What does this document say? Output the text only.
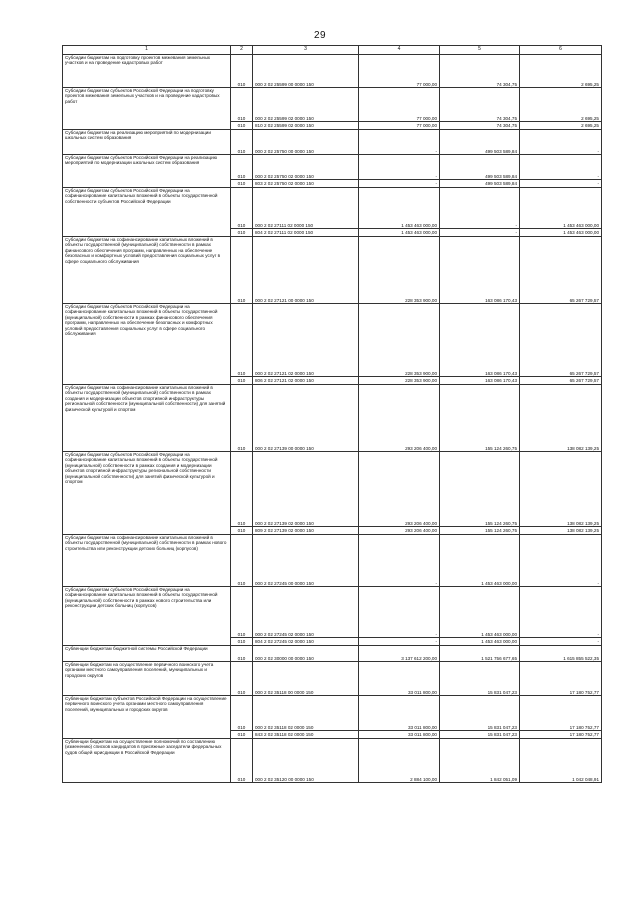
29
1	2	3	4	5	6
Субсидии бюджетам на подготовку проектов межевания земельных участков и на проведение кадастровых работ	010	000 2 02 25599 00 0000 150	77 000,00	74 304,75	2 695,25
Субсидии бюджетам субъектов Российской Федерации на подготовку проектов межевания земельных участков и на проведение кадастровых работ	010	000 2 02 25599 02 0000 150	77 000,00	74 304,75	2 695,25
	010	810 2 02 25599 02 0000 150	77 000,00	74 304,75	2 695,25
Субсидии бюджетам на реализацию мероприятий по модернизации школьных систем образования	010	000 2 02 25750 00 0000 150	-	499 503 589,84	-
Субсидии бюджетам субъектов Российской Федерации на реализацию мероприятий по модернизации школьных систем образования	010	000 2 02 25750 02 0000 150	-	499 503 589,84	-
	010	803 2 02 25750 02 0000 150	-	499 503 589,84	-
Субсидии бюджетам субъектов Российской Федерации на софинансирование капитальных вложений в объекты государственной собственности субъектов Российской Федерации	010	000 2 02 27111 02 0000 150	1 453 463 000,00	-	1 453 463 000,00
	010	804 2 02 27111 02 0000 150	1 453 463 000,00	-	1 453 463 000,00
Субсидии бюджетам на софинансирование капитальных вложений в объекты государственной (муниципальной) собственности в рамках финансового обеспечения программ, направленных на обеспечение безопасных и комфортных условий предоставления социальных услуг в сфере социального обслуживания	010	000 2 02 27121 00 0000 150	228 353 900,00	163 086 170,43	65 267 729,57
Субсидии бюджетам субъектов Российской Федерации на софинансирование капитальных вложений в объекты государственной (муниципальной) собственности в рамках финансового обеспечения программ, направленных на обеспечение безопасных и комфортных условий предоставления социальных услуг в сфере социального обслуживания	010	000 2 02 27121 02 0000 150	228 353 900,00	163 086 170,43	65 267 729,57
	010	806 2 02 27121 02 0000 150	228 353 900,00	163 086 170,43	65 267 729,57
Субсидии бюджетам на софинансирование капитальных вложений в объекты государственной (муниципальной) собственности в рамках создания и модернизации объектов спортивной инфраструктуры региональной собственности (муниципальной собственности) для занятий физической культурой и спортом	010	000 2 02 27139 00 0000 150	293 206 400,00	155 124 260,75	138 082 139,25
Субсидии бюджетам субъектов Российской Федерации на софинансирование капитальных вложений в объекты государственной (муниципальной) собственности в рамках создания и модернизации объектов спортивной инфраструктуры региональной собственности (муниципальной собственности) для занятий физической культурой и спортом	010	000 2 02 27139 02 0000 150	293 206 400,00	155 124 260,75	138 082 139,25
	010	809 2 02 27139 02 0000 150	293 206 400,00	155 124 260,75	138 082 139,25
Субсидии бюджетам на софинансирование капитальных вложений в объекты государственной (муниципальной) собственности в рамках нового строительства или реконструкции детских больниц (корпусов)	010	000 2 02 27245 00 0000 150	-	1 453 463 000,00	-
Субсидии бюджетам субъектов Российской Федерации на софинансирование капитальных вложений в объекты государственной (муниципальной) собственности в рамках нового строительства или реконструкции детских больниц (корпусов)	010	000 2 02 27245 02 0000 150	-	1 453 463 000,00	-
	010	804 2 02 27245 02 0000 150	-	1 453 463 000,00	-
Субвенции бюджетам бюджетной системы Российской Федерации	010	000 2 02 30000 00 0000 150	3 137 612 200,00	1 521 756 677,65	1 615 855 522,35
Субвенции бюджетам на осуществление первичного воинского учета органами местного самоуправления поселений, муниципальных и городских округов	010	000 2 02 35118 00 0000 150	33 011 800,00	15 831 047,23	17 180 752,77
Субвенции бюджетам субъектов Российской Федерации на осуществление первичного воинского учета органами местного самоуправления поселений, муниципальных и городских округов	010	000 2 02 35118 02 0000 150	33 011 800,00	15 831 047,23	17 180 752,77
	010	843 2 02 35118 02 0000 150	33 011 800,00	15 831 047,23	17 180 752,77
Субвенции бюджетам на осуществление полномочий по составлению (изменению) списков кандидатов в присяжные заседатели федеральных судов общей юрисдикции в Российской Федерации	010	000 2 02 35120 00 0000 150	2 884 100,00	1 842 051,09	1 042 048,91
